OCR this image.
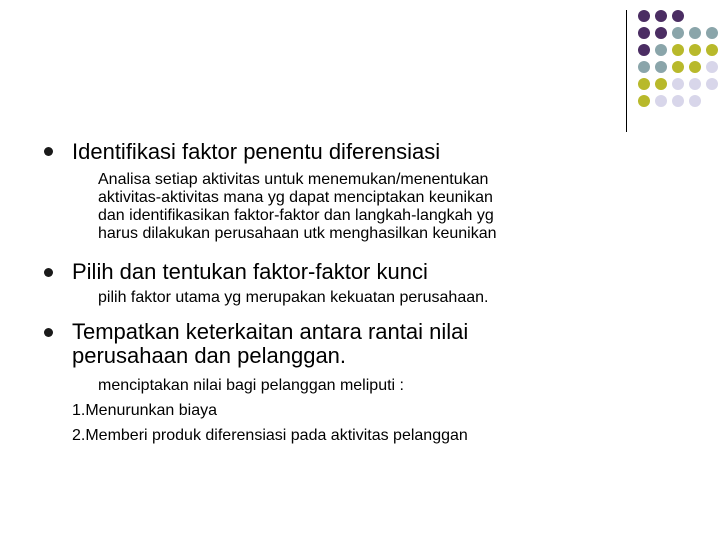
Identifikasi faktor penentu diferensiasi
Analisa setiap aktivitas untuk menemukan/menentukan
aktivitas-aktivitas mana yg dapat menciptakan keunikan
dan identifikasikan faktor-faktor dan langkah-langkah yg
harus dilakukan perusahaan utk menghasilkan keunikan
Pilih dan tentukan faktor-faktor kunci
pilih faktor utama yg merupakan kekuatan perusahaan.
Tempatkan keterkaitan antara rantai nilai
perusahaan dan pelanggan.
menciptakan nilai bagi pelanggan meliputi :
1.Menurunkan biaya
2.Memberi produk diferensiasi pada aktivitas pelanggan
